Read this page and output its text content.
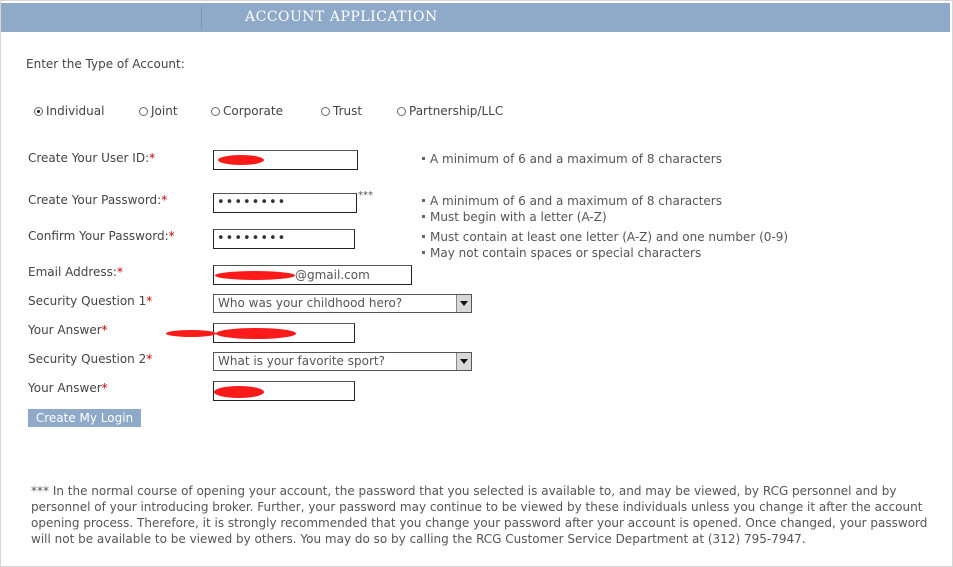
ACCOUNT APPLICATION
Enter the Type of Account:
Individual	Joint	Corporate	Trust	Partnership/LLC
Create Your User ID:*	A minimum of 6 and a maximum of 8 characters
Create Your Password:*	••••••••	***	A minimum of 6 and a maximum of 8 characters
Must begin with a letter (A-Z)
Confirm Your Password:*	••••••••	Must contain at least one letter (A-Z) and one number (0-9)
May not contain spaces or special characters
Email Address:*	@gmail.com
Security Question 1*	Who was your childhood hero?
Your Answer*
Security Question 2*	What is your favorite sport?
Your Answer*
Create My Login
*** In the normal course of opening your account, the password that you selected is available to, and may be viewed, by RCG personnel and by personnel of your introducing broker. Further, your password may continue to be viewed by these individuals unless you change it after the account opening process. Therefore, it is strongly recommended that you change your password after your account is opened. Once changed, your password will not be available to be viewed by others. You may do so by calling the RCG Customer Service Department at (312) 795-7947.
